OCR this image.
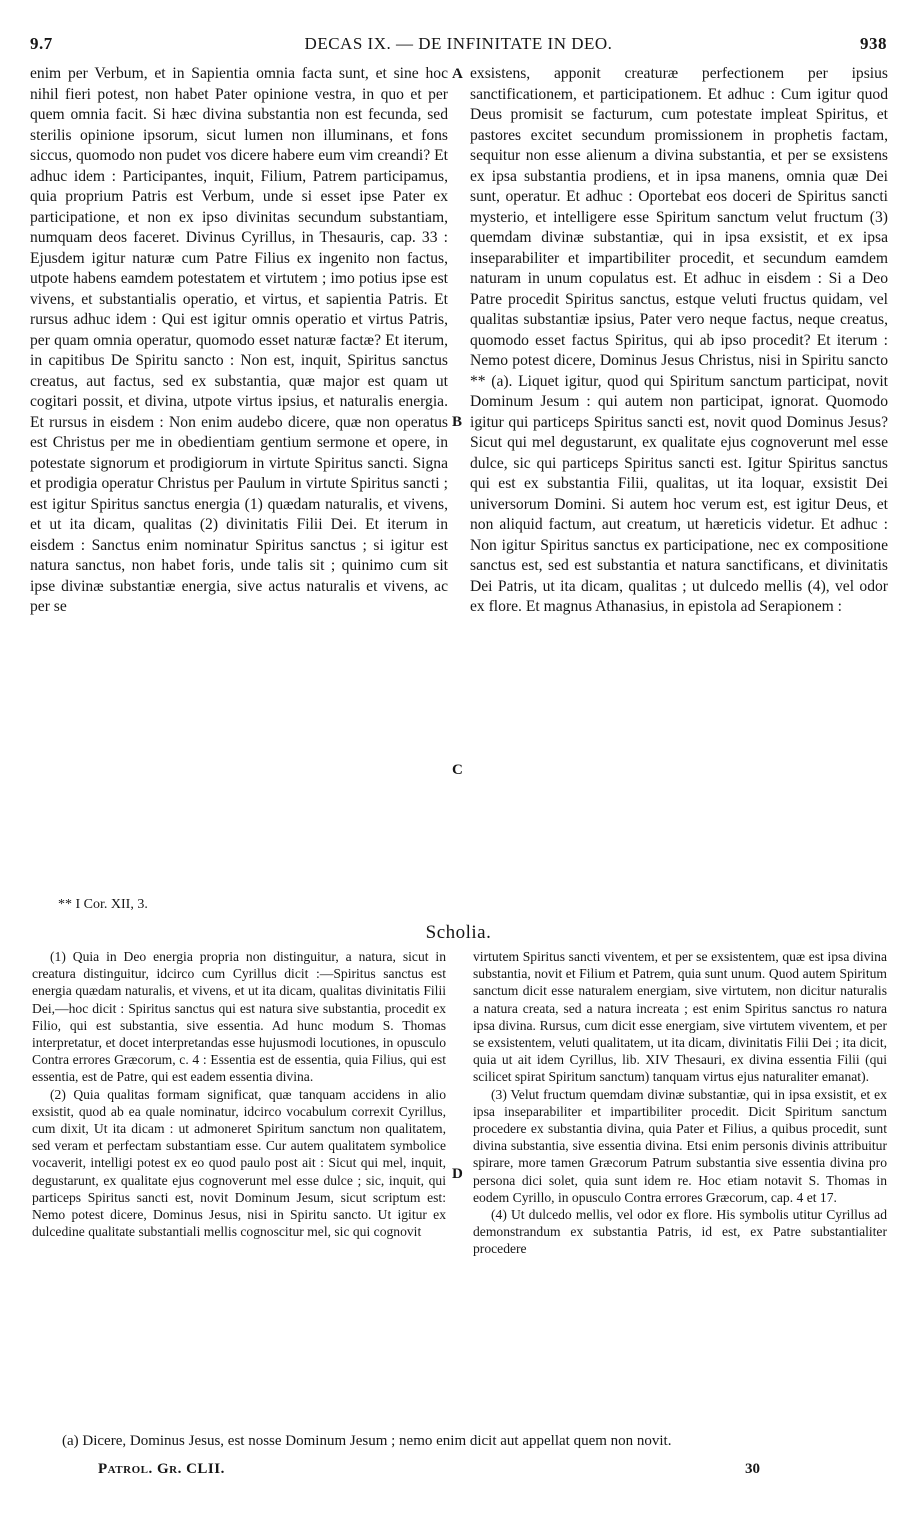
9.7	DECAS IX. — DE INFINITATE IN DEO.	938

enim per Verbum, et in Sapientia omnia facta sunt, et sine hoc nihil fieri potest, non habet Pater opinione vestra, in quo et per quem omnia facit. Si hæc divina substantia non est fecunda, sed sterilis opinione ipsorum, sicut lumen non illuminans, et fons siccus, quomodo non pudet vos dicere habere eum vim creandi? Et adhuc idem : Participantes, inquit, Filium, Patrem participamus, quia proprium Patris est Verbum, unde si esset ipse Pater ex participatione, et non ex ipso divinitas secundum substantiam, numquam deos faceret. Divinus Cyrillus, in Thesauris, cap. 33 : Ejusdem igitur naturæ cum Patre Filius ex ingenito non factus, utpote habens eamdem potestatem et virtutem ; imo potius ipse est vivens, et substantialis operatio, et virtus, et sapientia Patris. Et rursus adhuc idem : Qui est igitur omnis operatio et virtus Patris, per quam omnia operatur, quomodo esset naturæ factæ? Et iterum, in capitibus De Spiritu sancto : Non est, inquit, Spiritus sanctus creatus, aut factus, sed ex substantia, quæ major est quam ut cogitari possit, et divina, utpote virtus ipsius, et naturalis energia. Et rursus in eisdem : Non enim audebo dicere, quæ non operatus est Christus per me in obedientiam gentium sermone et opere, in potestate signorum et prodigiorum in virtute Spiritus sancti. Signa et prodigia operatur Christus per Paulum in virtute Spiritus sancti ; est igitur Spiritus sanctus energia (1) quædam naturalis, et vivens, et ut ita dicam, qualitas (2) divinitatis Filii Dei. Et iterum in eisdem : Sanctus enim nominatur Spiritus sanctus ; si igitur est natura sanctus, non habet foris, unde talis sit ; quinimo cum sit ipse divinæ substantiæ energia, sive actus naturalis et vivens, ac per se

exsistens, apponit creaturæ perfectionem per ipsius sanctificationem, et participationem. Et adhuc : Cum igitur quod Deus promisit se facturum, cum potestate impleat Spiritus, et pastores excitet secundum promissionem in prophetis factam, sequitur non esse alienum a divina substantia, et per se exsistens ex ipsa substantia prodiens, et in ipsa manens, omnia quæ Dei sunt, operatur. Et adhuc : Oportebat eos doceri de Spiritus sancti mysterio, et intelligere esse Spiritum sanctum velut fructum (3) quemdam divinæ substantiæ, qui in ipsa exsistit, et ex ipsa inseparabiliter et impartibiliter procedit, et secundum eamdem naturam in unum copulatus est. Et adhuc in eisdem : Si a Deo Patre procedit Spiritus sanctus, estque veluti fructus quidam, vel qualitas substantiæ ipsius, Pater vero neque factus, neque creatus, quomodo esset factus Spiritus, qui ab ipso procedit? Et iterum : Nemo potest dicere, Dominus Jesus Christus, nisi in Spiritu sancto ** (a). Liquet igitur, quod qui Spiritum sanctum participat, novit Dominum Jesum : qui autem non participat, ignorat. Quomodo igitur qui particeps Spiritus sancti est, novit quod Dominus Jesus? Sicut qui mel degustarunt, ex qualitate ejus cognoverunt mel esse dulce, sic qui particeps Spiritus sancti est. Igitur Spiritus sanctus qui est ex substantia Filii, qualitas, ut ita loquar, exsistit Dei universorum Domini. Si autem hoc verum est, est igitur Deus, et non aliquid factum, aut creatum, ut hæreticis videtur. Et adhuc : Non igitur Spiritus sanctus ex participatione, nec ex compositione sanctus est, sed est substantia et natura sanctificans, et divinitatis Dei Patris, ut ita dicam, qualitas ; ut dulcedo mellis (4), vel odor ex flore. Et magnus Athanasius, in epistola ad Serapionem :

A
B
C
D
** I Cor. XII, 3.
Scholia.

(1) Quia in Deo energia propria non distinguitur, a natura, sicut in creatura distinguitur, idcirco cum Cyrillus dicit :—Spiritus sanctus est energia quædam naturalis, et vivens, et ut ita dicam, qualitas divinitatis Filii Dei,—hoc dicit : Spiritus sanctus qui est natura sive substantia, procedit ex Filio, qui est substantia, sive essentia. Ad hunc modum S. Thomas interpretatur, et docet interpretandas esse hujusmodi locutiones, in opusculo Contra errores Græcorum, c. 4 : Essentia est de essentia, quia Filius, qui est essentia, est de Patre, qui est eadem essentia divina.

(2) Quia qualitas formam significat, quæ tanquam accidens in alio exsistit, quod ab ea quale nominatur, idcirco vocabulum correxit Cyrillus, cum dixit, Ut ita dicam : ut admoneret Spiritum sanctum non qualitatem, sed veram et perfectam substantiam esse. Cur autem qualitatem symbolice vocaverit, intelligi potest ex eo quod paulo post ait : Sicut qui mel, inquit, degustarunt, ex qualitate ejus cognoverunt mel esse dulce ; sic, inquit, qui particeps Spiritus sancti est, novit Dominum Jesum, sicut scriptum est: Nemo potest dicere, Dominus Jesus, nisi in Spiritu sancto. Ut igitur ex dulcedine qualitate substantiali mellis cognoscitur mel, sic qui cognovit

virtutem Spiritus sancti viventem, et per se exsistentem, quæ est ipsa divina substantia, novit et Filium et Patrem, quia sunt unum. Quod autem Spiritum sanctum dicit esse naturalem energiam, sive virtutem, non dicitur naturalis a natura creata, sed a natura increata ; est enim Spiritus sanctus ro natura ipsa divina. Rursus, cum dicit esse energiam, sive virtutem viventem, et per se exsistentem, veluti qualitatem, ut ita dicam, divinitatis Filii Dei ; ita dicit, quia ut ait idem Cyrillus, lib. XIV Thesauri, ex divina essentia Filii (qui scilicet spirat Spiritum sanctum) tanquam virtus ejus naturaliter emanat).

(3) Velut fructum quemdam divinæ substantiæ, qui in ipsa exsistit, et ex ipsa inseparabiliter et impartibiliter procedit. Dicit Spiritum sanctum procedere ex substantia divina, quia Pater et Filius, a quibus procedit, sunt divina substantia, sive essentia divina. Etsi enim personis divinis attribuitur spirare, more tamen Græcorum Patrum substantia sive essentia divina pro persona dici solet, quia sunt idem re. Hoc etiam notavit S. Thomas in eodem Cyrillo, in opusculo Contra errores Græcorum, cap. 4 et 17.

(4) Ut dulcedo mellis, vel odor ex flore. His symbolis utitur Cyrillus ad demonstrandum ex substantia Patris, id est, ex Patre substantialiter procedere

(a) Dicere, Dominus Jesus, est nosse Dominum Jesum ; nemo enim dicit aut appellat quem non novit.
Patrol. Gr. CLII.	30
